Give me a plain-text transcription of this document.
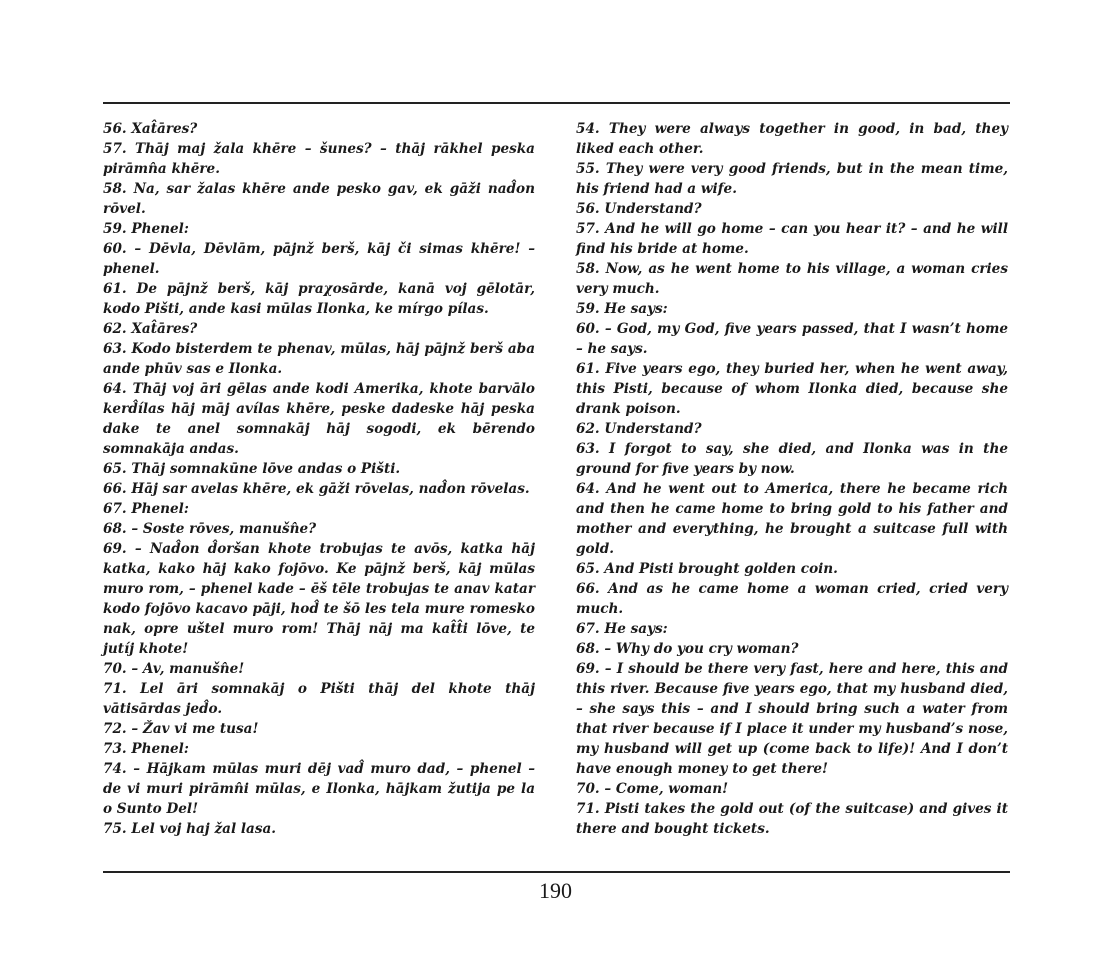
56. Xat̂āres?

57. Thāj maj žala khēre – šunes? – thāj rākhel peska pirāmn̂a khēre.

58. Na, sar žalas khēre ande pesko gav, ek gāži nad̂on rōvel.

59. Phenel:

60. – Dēvla, Dēvlām, pājnž berš, kāj či simas khēre! – phenel.

61. De pājnž berš, kāj praχosārde, kanā voj gēlotār, kodo Pišti, ande kasi mūlas Ilonka, ke mírgo pílas.

62. Xat̂āres?

63. Kodo bisterdem te phenav, mūlas, hāj pājnž berš aba ande phūv sas e Ilonka.

64. Thāj voj āri gēlas ande kodi Amerika, khote barvālo kerd̂ílas hāj māj avílas khēre, peske dadeske hāj peska dake te anel somnakāj hāj sogodi, ek bērendo somnakāja andas.

65. Thāj somnakūne lōve andas o Pišti.

66. Hāj sar avelas khēre, ek gāži rōvelas, nad̂on rōvelas.

67. Phenel:

68. – Soste rōves, manušn̂e?

69. – Nad̂on d̂oršan khote trobujas te avōs, katka hāj katka, kako hāj kako fojōvo. Ke pājnž berš, kāj mūlas muro rom, – phenel kade – ēš tēle trobujas te anav katar kodo fojōvo kacavo pāji, hod̂ te šō les tela mure romesko nak, opre uštel muro rom! Thāj nāj ma kat̂t̂i lōve, te jutíj khote!

70. – Av, manušn̂e!

71. Lel āri somnakāj o Pišti thāj del khote thāj vātisārdas jed̂o.

72. – Žav vi me tusa!

73. Phenel:

74. – Hājkam mūlas muri dēj vad̂ muro dad, – phenel – de vi muri pirāmn̂i mūlas, e Ilonka, hājkam žutija pe la o Sunto Del!

75. Lel voj haj žal lasa.

54. They were always together in good, in bad, they liked each other.

55. They were very good friends, but in the mean time, his friend had a wife.

56. Understand?

57. And he will go home – can you hear it? – and he will find his bride at home.

58. Now, as he went home to his village, a woman cries very much.

59. He says:

60. – God, my God, five years passed, that I wasn’t home – he says.

61. Five years ego, they buried her, when he went away, this Pisti, because of whom Ilonka died, because she drank poison.

62. Understand?

63. I forgot to say, she died, and Ilonka was in the ground for five years by now.

64. And he went out to America, there he became rich and then he came home to bring gold to his father and mother and everything, he brought a suitcase full with gold.

65. And Pisti brought golden coin.

66. And as he came home a woman cried, cried very much.

67. He says:

68. – Why do you cry woman?

69. – I should be there very fast, here and here, this and this river. Because five years ego, that my husband died, – she says this – and I should bring such a water from that river because if I place it under my husband’s nose, my husband will get up (come back to life)! And I don’t have enough money to get there!

70. – Come, woman!

71. Pisti takes the gold out (of the suitcase) and gives it there and bought tickets.

190
